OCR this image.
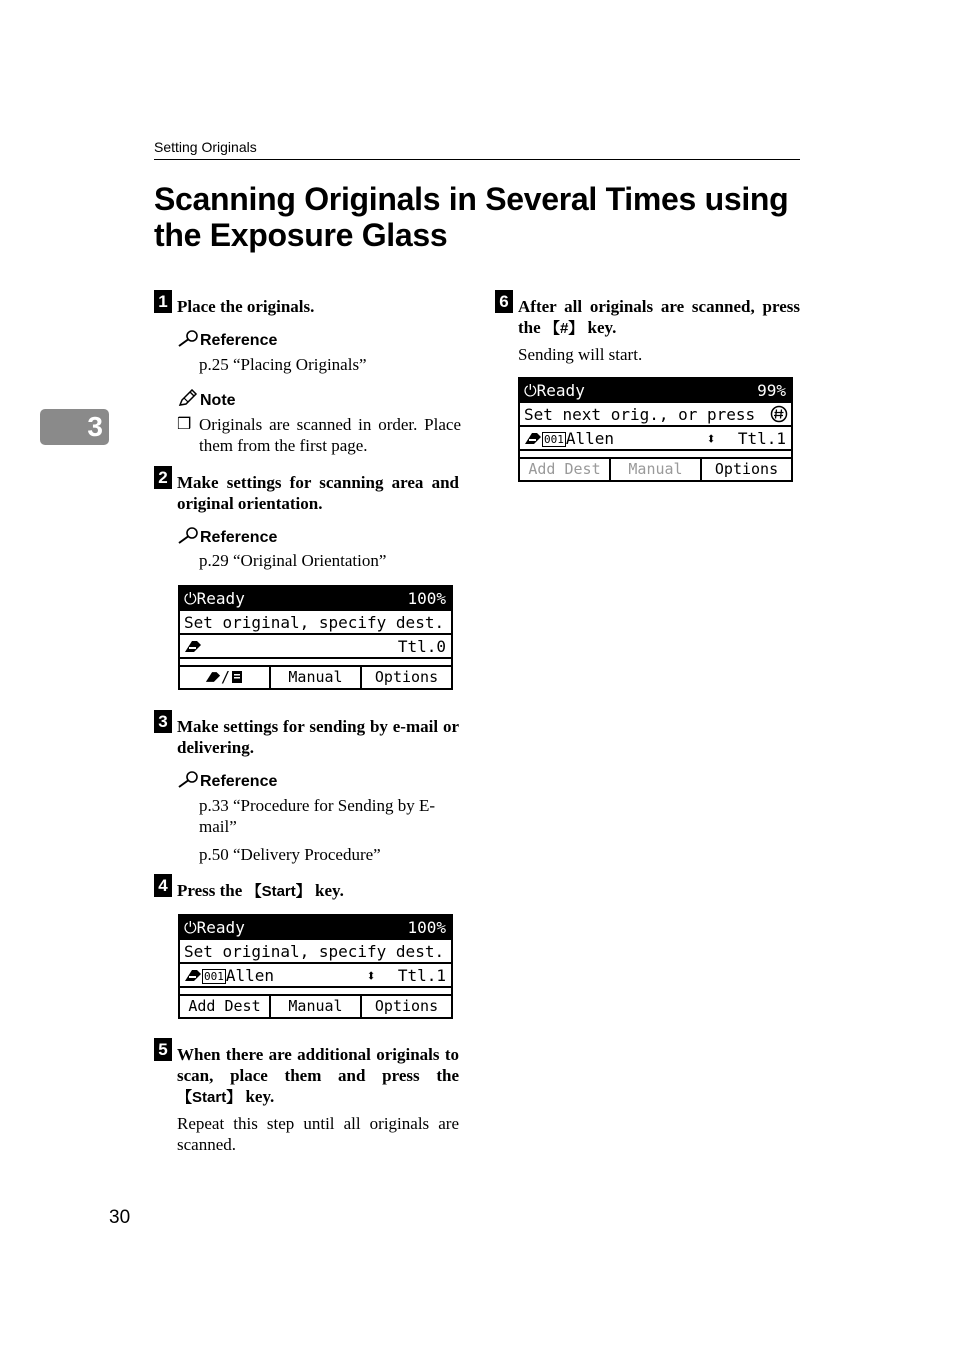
Setting Originals
Scanning Originals in Several Times using the Exposure Glass
3
1 Place the originals.
Reference
p.25 “Placing Originals”
Note
❒ Originals are scanned in order. Place them from the first page.
2 Make settings for scanning area and original orientation.
Reference
p.29 “Original Orientation”
⏻Ready	100%
Set original, specify dest.
Ttl.0
/	Manual	Options
3 Make settings for sending by e-mail or delivering.
Reference
p.33 “Procedure for Sending by E-mail”
p.50 “Delivery Procedure”
4 Press the 【Start】 key.
⏻Ready	100%
Set original, specify dest.
001 Allen	⬍ Ttl.1
Add Dest	Manual	Options
5 When there are additional originals to scan, place them and press the 【Start】 key.
Repeat this step until all originals are scanned.
6 After all originals are scanned, press the 【#】 key.
Sending will start.
⏻Ready	99%
Set next orig., or press
001 Allen	⬍ Ttl.1
Add Dest	Manual	Options
30
